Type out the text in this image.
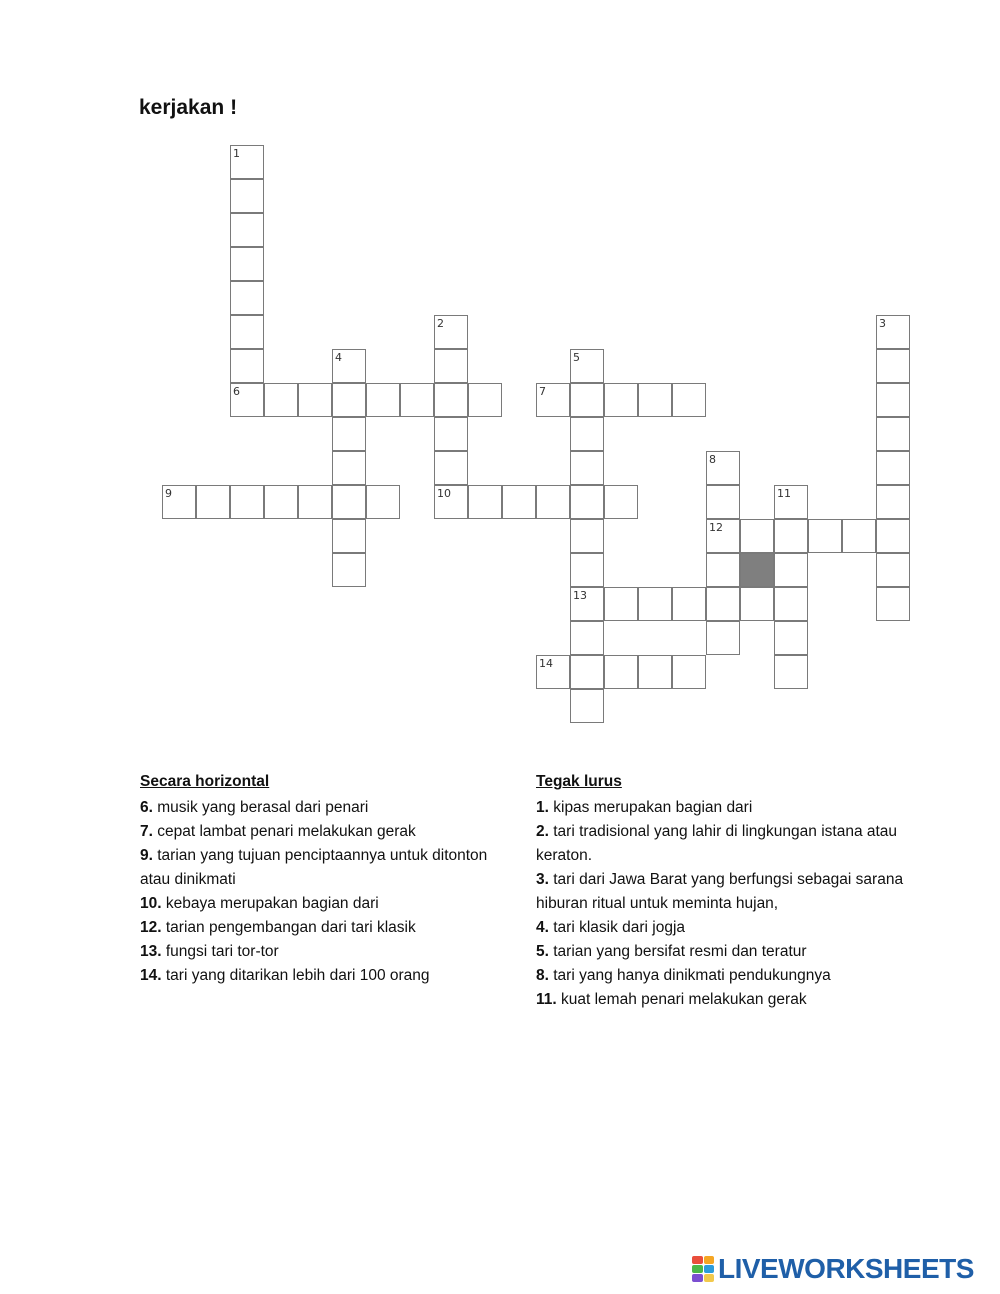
kerjakan !
1
6
4
2
9	10
5
7
3
8
11
12
13
14
Secara horizontal

6. musik yang berasal dari penari

7. cepat lambat penari melakukan gerak

9. tarian yang tujuan penciptaannya untuk ditonton atau dinikmati

10. kebaya merupakan bagian dari

12. tarian pengembangan dari tari klasik

13. fungsi tari tor-tor

14. tari yang ditarikan lebih dari 100 orang

Tegak lurus

1. kipas merupakan bagian dari

2. tari tradisional yang lahir di lingkungan istana atau keraton.

3. tari dari Jawa Barat yang berfungsi sebagai sarana hiburan ritual untuk meminta hujan,

4. tari klasik dari jogja

5. tarian yang bersifat resmi dan teratur

8. tari yang hanya dinikmati pendukungnya

11. kuat lemah penari melakukan gerak

LIVEWORKSHEETS
